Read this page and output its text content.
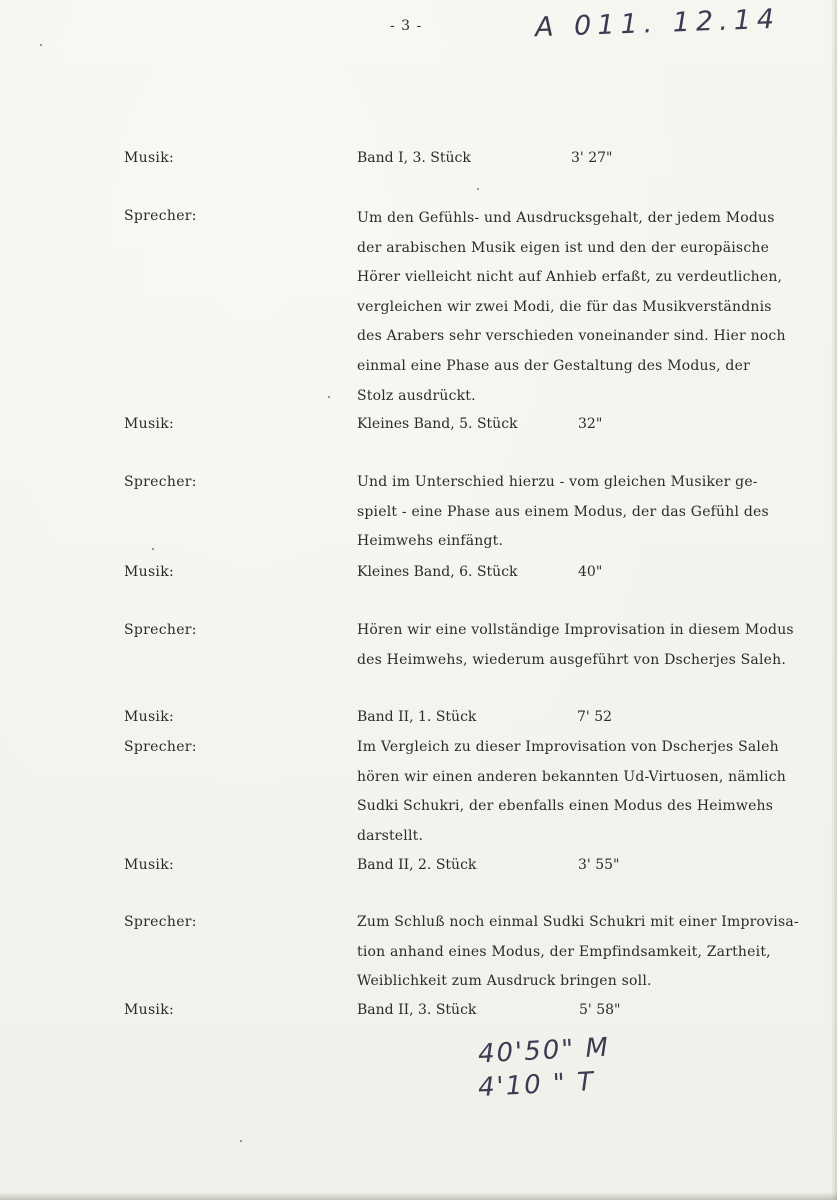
- 3 -	A 011. 12.14
Musik:	Band I, 3. Stück	3' 27"
Sprecher:	Um den Gefühls- und Ausdrucksgehalt, der jedem Modus
der arabischen Musik eigen ist und den der europäische
Hörer vielleicht nicht auf Anhieb erfaßt, zu verdeutlichen,
vergleichen wir zwei Modi, die für das Musikverständnis
des Arabers sehr verschieden voneinander sind. Hier noch
einmal eine Phase aus der Gestaltung des Modus, der
Stolz ausdrückt.
Musik:	Kleines Band, 5. Stück	32"
Sprecher:	Und im Unterschied hierzu - vom gleichen Musiker ge-
spielt - eine Phase aus einem Modus, der das Gefühl des
Heimwehs einfängt.
Musik:	Kleines Band, 6. Stück	40"
Sprecher:	Hören wir eine vollständige Improvisation in diesem Modus
des Heimwehs, wiederum ausgeführt von Dscherjes Saleh.
Musik:	Band II, 1. Stück	7' 52
Sprecher:	Im Vergleich zu dieser Improvisation von Dscherjes Saleh
hören wir einen anderen bekannten Ud-Virtuosen, nämlich
Sudki Schukri, der ebenfalls einen Modus des Heimwehs
darstellt.
Musik:	Band II, 2. Stück	3' 55"
Sprecher:	Zum Schluß noch einmal Sudki Schukri mit einer Improvisa-
tion anhand eines Modus, der Empfindsamkeit, Zartheit,
Weiblichkeit zum Ausdruck bringen soll.
Musik:	Band II, 3. Stück	5' 58"
40'50" M
4'10 " T
